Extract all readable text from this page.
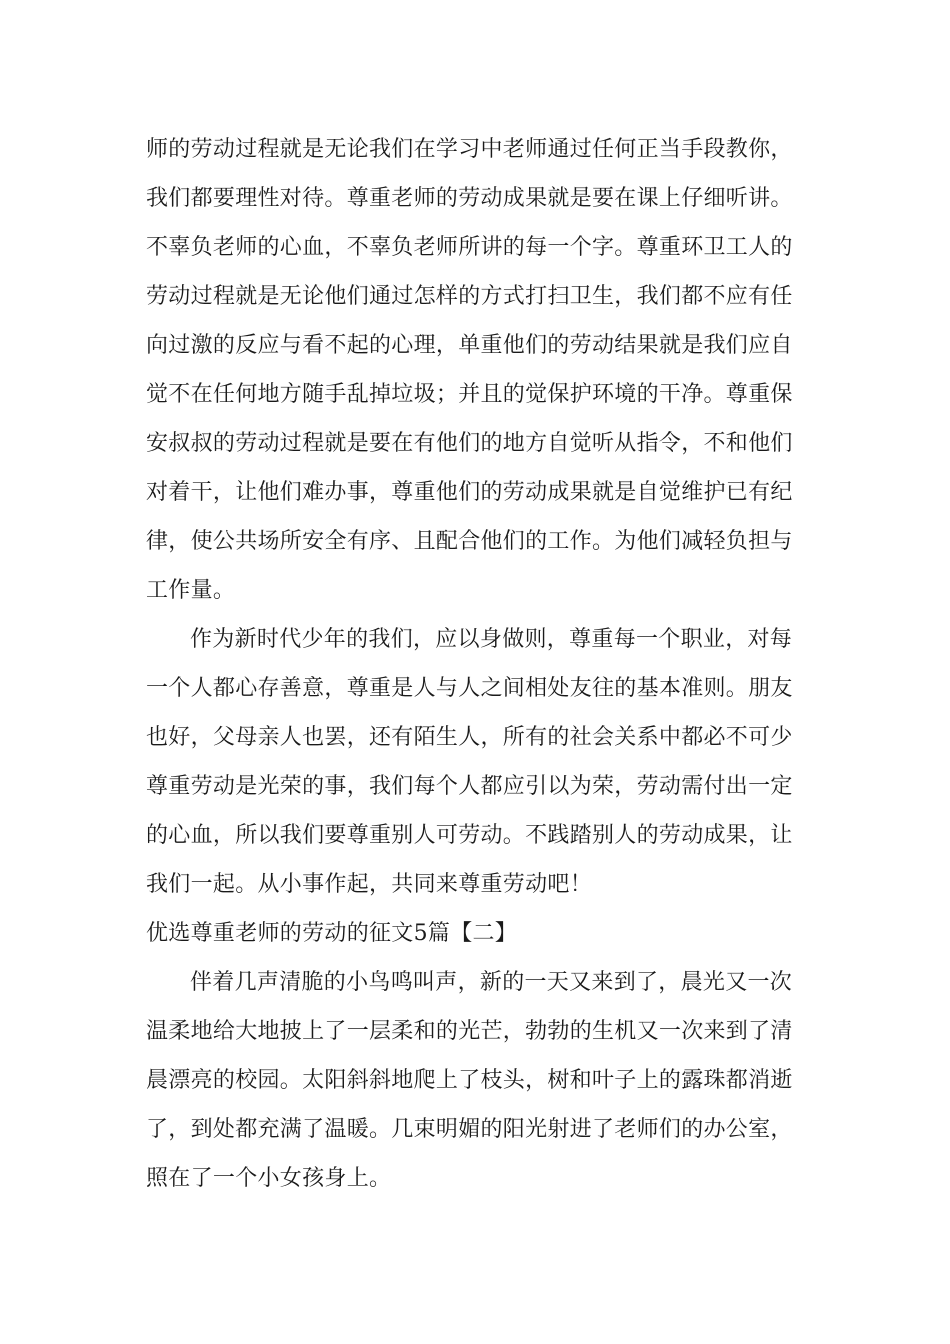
师的劳动过程就是无论我们在学习中老师通过任何正当手段教你，
我们都要理性对待。尊重老师的劳动成果就是要在课上仔细听讲。
不辜负老师的心血，不辜负老师所讲的每一个字。尊重环卫工人的
劳动过程就是无论他们通过怎样的方式打扫卫生，我们都不应有任
向过激的反应与看不起的心理，单重他们的劳动结果就是我们应自
觉不在任何地方随手乱掉垃圾；并且的觉保护环境的干净。尊重保
安叔叔的劳动过程就是要在有他们的地方自觉听从指令，不和他们
对着干，让他们难办事，尊重他们的劳动成果就是自觉维护已有纪
律，使公共场所安全有序、且配合他们的工作。为他们减轻负担与
工作量。
作为新时代少年的我们，应以身做则，尊重每一个职业，对每
一个人都心存善意，尊重是人与人之间相处友往的基本准则。朋友
也好，父母亲人也罢，还有陌生人，所有的社会关系中都必不可少
尊重劳动是光荣的事，我们每个人都应引以为荣，劳动需付出一定
的心血，所以我们要尊重别人可劳动。不践踏别人的劳动成果，让
我们一起。从小事作起，共同来尊重劳动吧！
优选尊重老师的劳动的征文5篇【二】
伴着几声清脆的小鸟鸣叫声，新的一天又来到了，晨光又一次
温柔地给大地披上了一层柔和的光芒，勃勃的生机又一次来到了清
晨漂亮的校园。太阳斜斜地爬上了枝头，树和叶子上的露珠都消逝
了，到处都充满了温暖。几束明媚的阳光射进了老师们的办公室，
照在了一个小女孩身上。
